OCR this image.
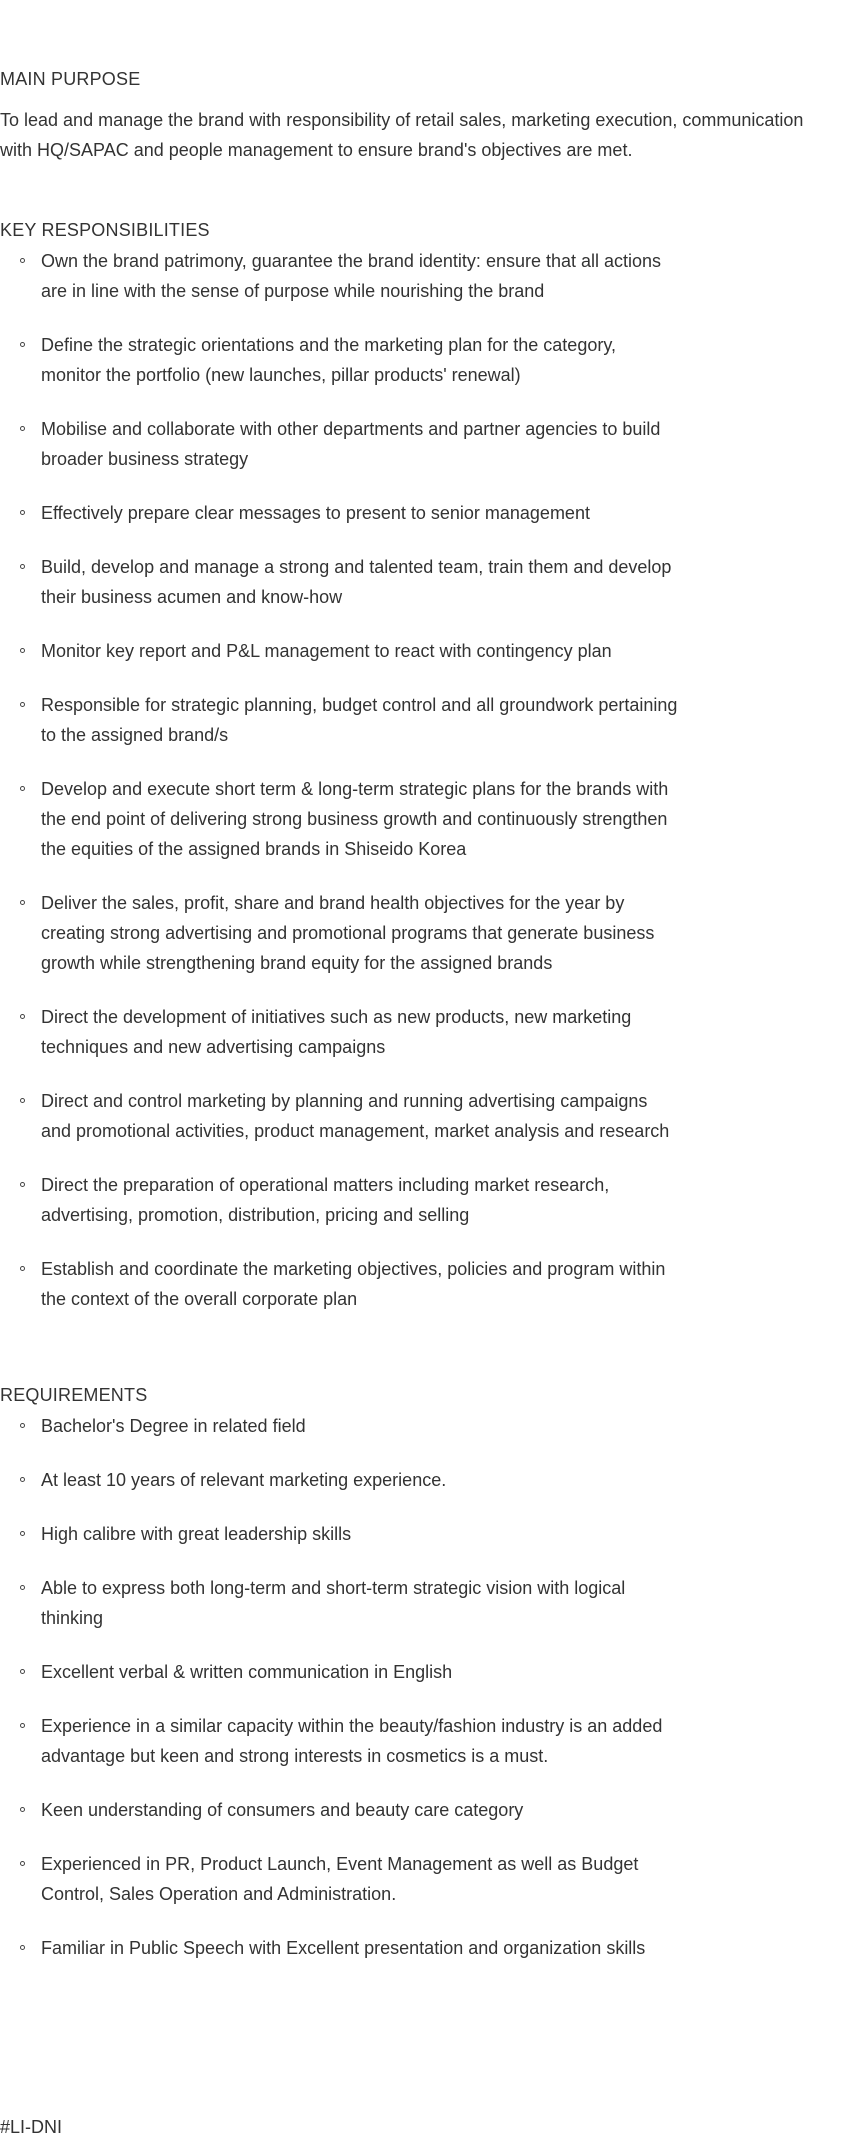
MAIN PURPOSE

To lead and manage the brand with responsibility of retail sales, marketing execution, communication with HQ/SAPAC and people management to ensure brand's objectives are met.

KEY RESPONSIBILITIES
Own the brand patrimony, guarantee the brand identity: ensure that all actions are in line with the sense of purpose while nourishing the brand
Define the strategic orientations and the marketing plan for the category, monitor the portfolio (new launches, pillar products' renewal)
Mobilise and collaborate with other departments and partner agencies to build broader business strategy
Effectively prepare clear messages to present to senior management
Build, develop and manage a strong and talented team, train them and develop their business acumen and know-how
Monitor key report and P&L management to react with contingency plan
Responsible for strategic planning, budget control and all groundwork pertaining to the assigned brand/s
Develop and execute short term & long-term strategic plans for the brands with the end point of delivering strong business growth and continuously strengthen the equities of the assigned brands in Shiseido Korea
Deliver the sales, profit, share and brand health objectives for the year by creating strong advertising and promotional programs that generate business growth while strengthening brand equity for the assigned brands
Direct the development of initiatives such as new products, new marketing techniques and new advertising campaigns
Direct and control marketing by planning and running advertising campaigns and promotional activities, product management, market analysis and research
Direct the preparation of operational matters including market research, advertising, promotion, distribution, pricing and selling
Establish and coordinate the marketing objectives, policies and program within the context of the overall corporate plan
REQUIREMENTS
Bachelor's Degree in related field
At least 10 years of relevant marketing experience.
High calibre with great leadership skills
Able to express both long-term and short-term strategic vision with logical thinking
Excellent verbal & written communication in English
Experience in a similar capacity within the beauty/fashion industry is an added advantage but keen and strong interests in cosmetics is a must.
Keen understanding of consumers and beauty care category
Experienced in PR, Product Launch, Event Management as well as Budget Control, Sales Operation and Administration.
Familiar in Public Speech with Excellent presentation and organization skills

#LI-DNI
